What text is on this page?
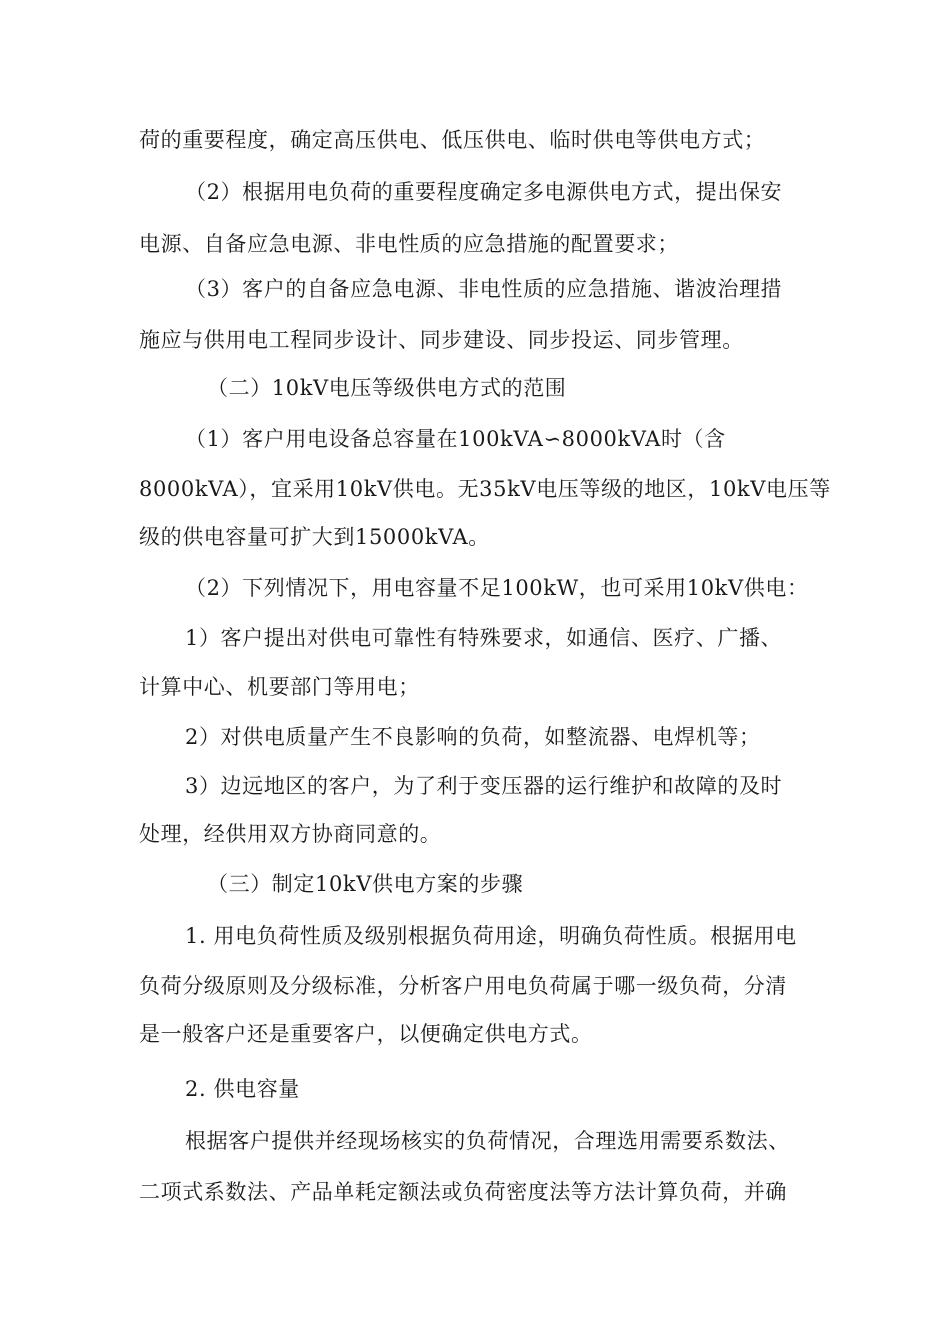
荷的重要程度，确定高压供电、低压供电、临时供电等供电方式；
（2）根据用电负荷的重要程度确定多电源供电方式，提出保安
电源、自备应急电源、非电性质的应急措施的配置要求；
（3）客户的自备应急电源、非电性质的应急措施、谐波治理措
施应与供用电工程同步设计、同步建设、同步投运、同步管理。
（二）10kV电压等级供电方式的范围
（1）客户用电设备总容量在100kVA∽8000kVA时（含
8000kVA），宜采用10kV供电。无35kV电压等级的地区，10kV电压等
级的供电容量可扩大到15000kVA。
（2）下列情况下，用电容量不足100kW，也可采用10kV供电：
1）客户提出对供电可靠性有特殊要求，如通信、医疗、广播、
计算中心、机要部门等用电；
2）对供电质量产生不良影响的负荷，如整流器、电焊机等；
3）边远地区的客户，为了利于变压器的运行维护和故障的及时
处理，经供用双方协商同意的。
（三）制定10kV供电方案的步骤
1. 用电负荷性质及级别根据负荷用途，明确负荷性质。根据用电
负荷分级原则及分级标准，分析客户用电负荷属于哪一级负荷，分清
是一般客户还是重要客户，以便确定供电方式。
2. 供电容量
根据客户提供并经现场核实的负荷情况，合理选用需要系数法、
二项式系数法、产品单耗定额法或负荷密度法等方法计算负荷，并确
